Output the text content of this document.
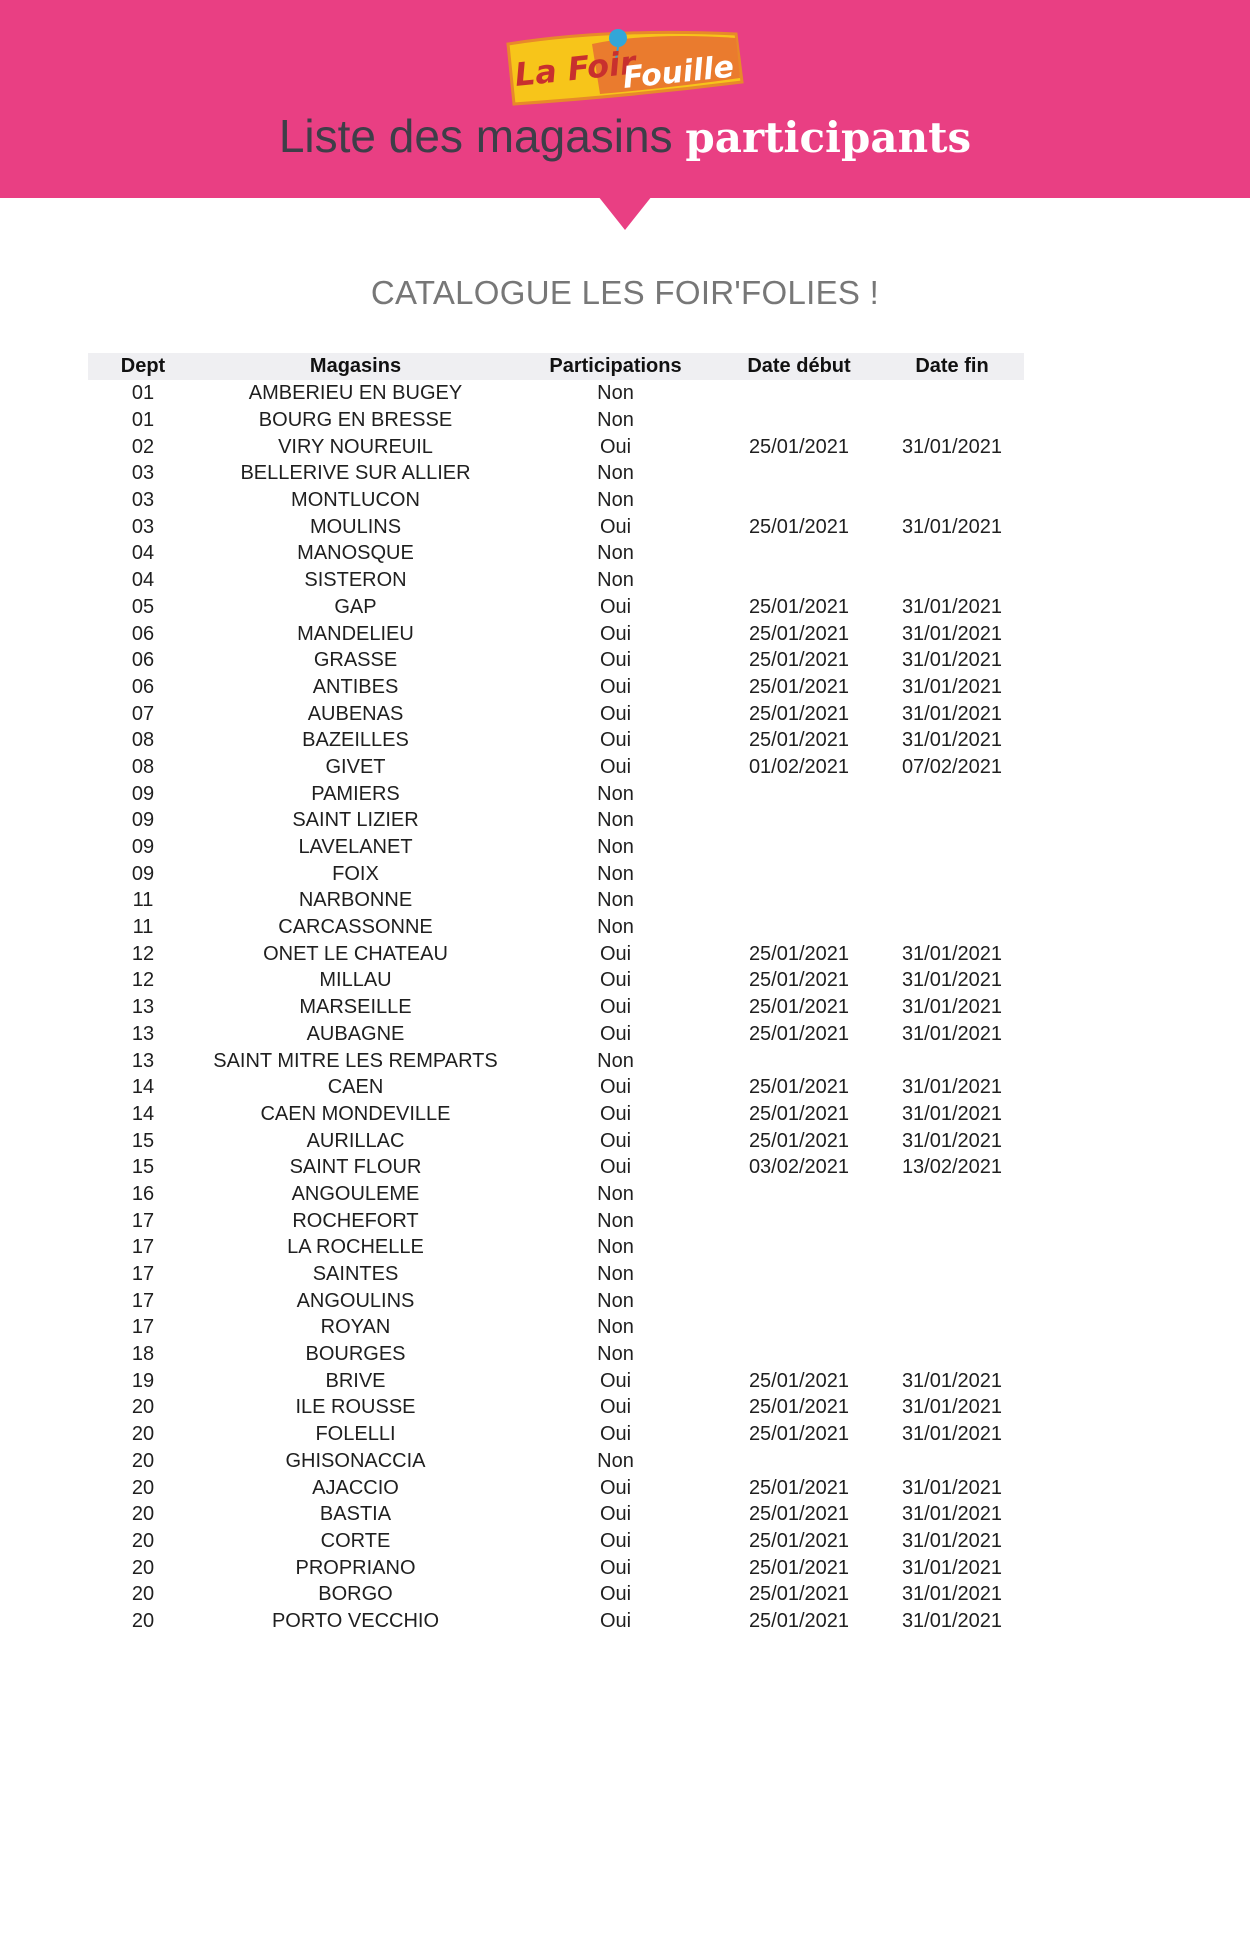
La Foir
Fouille
Liste des magasins participants
CATALOGUE LES FOIR'FOLIES !
Dept	Magasins	Participations	Date début	Date fin
01	AMBERIEU EN BUGEY	Non		
01	BOURG EN BRESSE	Non		
02	VIRY NOUREUIL	Oui	25/01/2021	31/01/2021
03	BELLERIVE SUR ALLIER	Non		
03	MONTLUCON	Non		
03	MOULINS	Oui	25/01/2021	31/01/2021
04	MANOSQUE	Non		
04	SISTERON	Non		
05	GAP	Oui	25/01/2021	31/01/2021
06	MANDELIEU	Oui	25/01/2021	31/01/2021
06	GRASSE	Oui	25/01/2021	31/01/2021
06	ANTIBES	Oui	25/01/2021	31/01/2021
07	AUBENAS	Oui	25/01/2021	31/01/2021
08	BAZEILLES	Oui	25/01/2021	31/01/2021
08	GIVET	Oui	01/02/2021	07/02/2021
09	PAMIERS	Non		
09	SAINT LIZIER	Non		
09	LAVELANET	Non		
09	FOIX	Non		
11	NARBONNE	Non		
11	CARCASSONNE	Non		
12	ONET LE CHATEAU	Oui	25/01/2021	31/01/2021
12	MILLAU	Oui	25/01/2021	31/01/2021
13	MARSEILLE	Oui	25/01/2021	31/01/2021
13	AUBAGNE	Oui	25/01/2021	31/01/2021
13	SAINT MITRE LES REMPARTS	Non		
14	CAEN	Oui	25/01/2021	31/01/2021
14	CAEN MONDEVILLE	Oui	25/01/2021	31/01/2021
15	AURILLAC	Oui	25/01/2021	31/01/2021
15	SAINT FLOUR	Oui	03/02/2021	13/02/2021
16	ANGOULEME	Non		
17	ROCHEFORT	Non		
17	LA ROCHELLE	Non		
17	SAINTES	Non		
17	ANGOULINS	Non		
17	ROYAN	Non		
18	BOURGES	Non		
19	BRIVE	Oui	25/01/2021	31/01/2021
20	ILE ROUSSE	Oui	25/01/2021	31/01/2021
20	FOLELLI	Oui	25/01/2021	31/01/2021
20	GHISONACCIA	Non		
20	AJACCIO	Oui	25/01/2021	31/01/2021
20	BASTIA	Oui	25/01/2021	31/01/2021
20	CORTE	Oui	25/01/2021	31/01/2021
20	PROPRIANO	Oui	25/01/2021	31/01/2021
20	BORGO	Oui	25/01/2021	31/01/2021
20	PORTO VECCHIO	Oui	25/01/2021	31/01/2021
